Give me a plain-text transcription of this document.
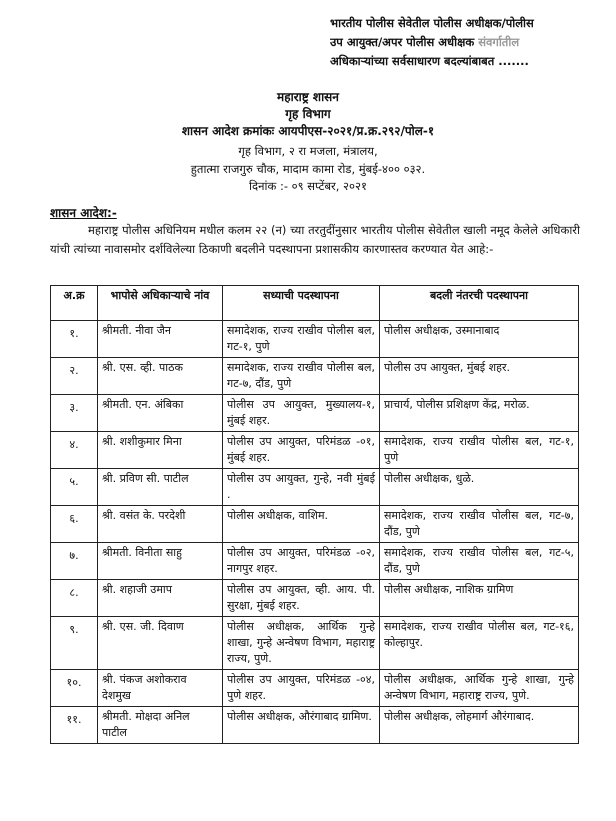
भारतीय पोलीस सेवेतील पोलीस अधीक्षक/पोलीस
उप आयुक्त/अपर पोलीस अधीक्षक संवर्गातील
अधिकाऱ्यांच्या सर्वसाधारण बदल्यांबाबत .......
महाराष्ट्र शासन
गृह विभाग
शासन आदेश क्रमांकः आयपीएस-२०२१/प्र.क्र.२९२/पोल-१
गृह विभाग, २ रा मजला, मंत्रालय,
हुतात्मा राजगुरु चौक, मादाम कामा रोड, मुंबई-४०० ०३२.
दिनांक :- ०९ सप्टेंबर, २०२१
शासन आदेश:-
महाराष्ट्र पोलीस अधिनियम मधील कलम २२ (न) च्या तरतुदींनुसार भारतीय पोलीस सेवेतील खाली नमूद केलेले अधिकारी यांची त्यांच्या नावासमोर दर्शविलेल्या ठिकाणी बदलीने पदस्थापना प्रशासकीय कारणास्तव करण्यात येत आहे:-
अ.क्र	भापोसे अधिकाऱ्याचे नांव	सध्याची पदस्थापना	बदली नंतरची पदस्थापना
१.	श्रीमती. नीवा जैन	समादेशक, राज्य राखीव पोलीस बल, गट-१, पुणे	पोलीस अधीक्षक, उस्मानाबाद
२.	श्री. एस. व्ही. पाठक	समादेशक, राज्य राखीव पोलीस बल, गट-७, दौंड, पुणे	पोलीस उप आयुक्त, मुंबई शहर.
३.	श्रीमती. एन. अंबिका	पोलीस उप आयुक्त, मुख्यालय-१, मुंबई शहर.	प्राचार्य, पोलीस प्रशिक्षण केंद्र, मरोळ.
४.	श्री. शशीकुमार मिना	पोलीस उप आयुक्त, परिमंडळ -०१, मुंबई शहर.	समादेशक, राज्य राखीव पोलीस बल, गट-१, पुणे
५.	श्री. प्रविण सी. पाटील	पोलीस उप आयुक्त, गुन्हे, नवी मुंबई .	पोलीस अधीक्षक, धुळे.
६.	श्री. वसंत के. परदेशी	पोलीस अधीक्षक, वाशिम.	समादेशक, राज्य राखीव पोलीस बल, गट-७, दौंड, पुणे
७.	श्रीमती. विनीता साहु	पोलीस उप आयुक्त, परिमंडळ -०२, नागपुर शहर.	समादेशक, राज्य राखीव पोलीस बल, गट-५, दौंड, पुणे
८.	श्री. शहाजी उमाप	पोलीस उप आयुक्त, व्ही. आय. पी. सुरक्षा, मुंबई शहर.	पोलीस अधीक्षक, नाशिक ग्रामिण
९.	श्री. एस. जी. दिवाण	पोलीस अधीक्षक, आर्थिक गुन्हे शाखा, गुन्हे अन्वेषण विभाग, महाराष्ट्र राज्य, पुणे.	समादेशक, राज्य राखीव पोलीस बल, गट-१६, कोल्हापुर.
१०.	श्री. पंकज अशोकराव देशमुख	पोलीस उप आयुक्त, परिमंडळ -०४, पुणे शहर.	पोलीस अधीक्षक, आर्थिक गुन्हे शाखा, गुन्हे अन्वेषण विभाग, महाराष्ट्र राज्य, पुणे.
११.	श्रीमती. मोक्षदा अनिल पाटील	पोलीस अधीक्षक, औरंगाबाद ग्रामिण.	पोलीस अधीक्षक, लोहमार्ग औरंगाबाद.
